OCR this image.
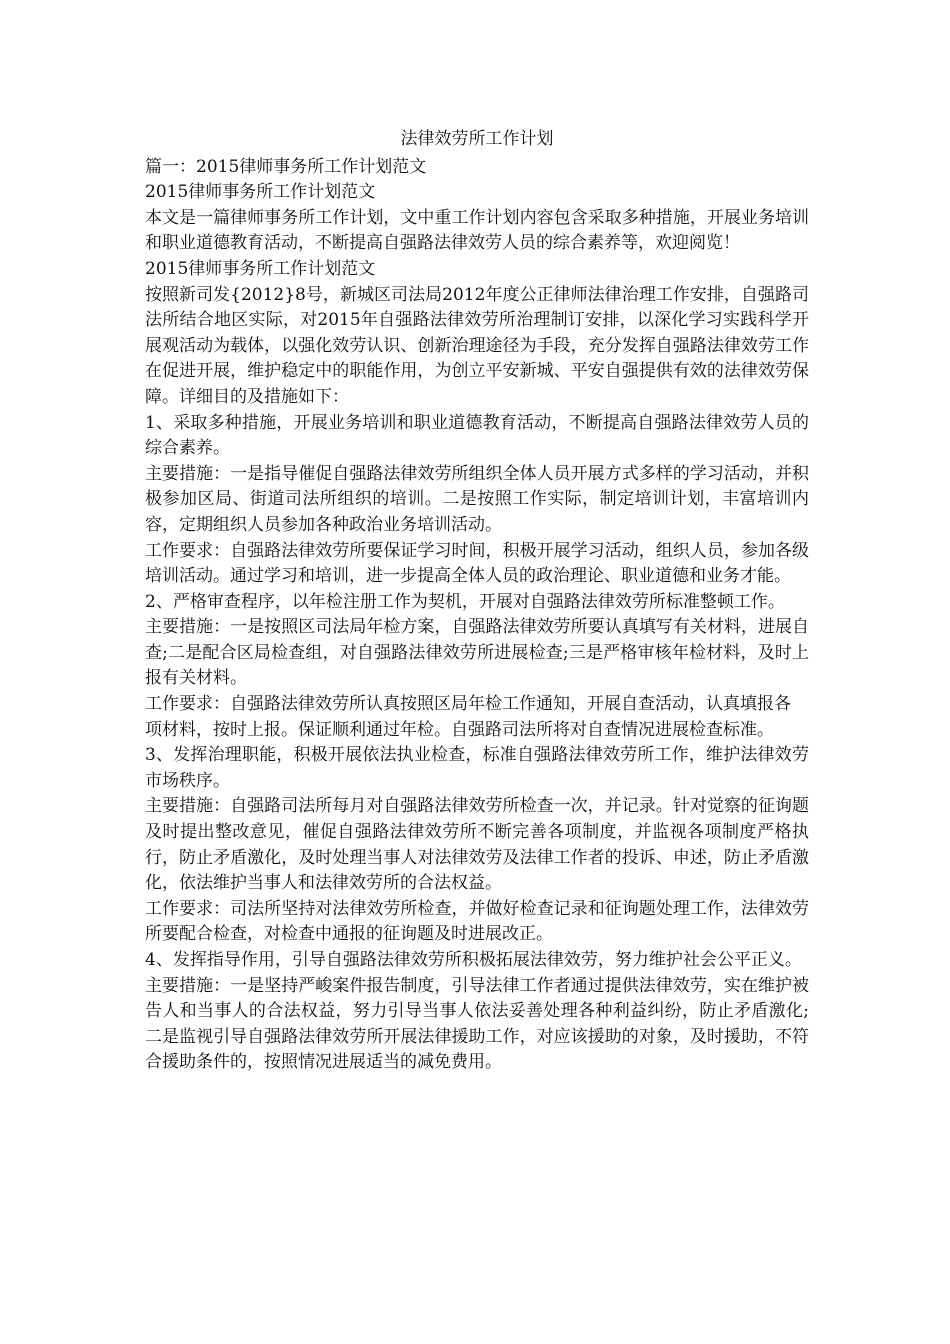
法律效劳所工作计划

篇一：2015律师事务所工作计划范文

2015律师事务所工作计划范文

本文是一篇律师事务所工作计划，文中重工作计划内容包含采取多种措施，开展业务培训和职业道德教育活动，不断提高自强路法律效劳人员的综合素养等，欢迎阅览！

2015律师事务所工作计划范文

按照新司发{2012}8号，新城区司法局2012年度公正律师法律治理工作安排，自强路司法所结合地区实际，对2015年自强路法律效劳所治理制订安排，以深化学习实践科学开展观活动为载体，以强化效劳认识、创新治理途径为手段，充分发挥自强路法律效劳工作在促进开展，维护稳定中的职能作用，为创立平安新城、平安自强提供有效的法律效劳保障。详细目的及措施如下：

1、采取多种措施，开展业务培训和职业道德教育活动，不断提高自强路法律效劳人员的综合素养。

主要措施：一是指导催促自强路法律效劳所组织全体人员开展方式多样的学习活动，并积极参加区局、街道司法所组织的培训。二是按照工作实际，制定培训计划，丰富培训内容，定期组织人员参加各种政治业务培训活动。

工作要求：自强路法律效劳所要保证学习时间，积极开展学习活动，组织人员，参加各级培训活动。通过学习和培训，进一步提高全体人员的政治理论、职业道德和业务才能。

2、严格审查程序，以年检注册工作为契机，开展对自强路法律效劳所标准整顿工作。

主要措施：一是按照区司法局年检方案，自强路法律效劳所要认真填写有关材料，进展自查;二是配合区局检查组，对自强路法律效劳所进展检查;三是严格审核年检材料，及时上报有关材料。

工作要求：自强路法律效劳所认真按照区局年检工作通知，开展自查活动，认真填报各

项材料，按时上报。保证顺利通过年检。自强路司法所将对自查情况进展检查标准。

3、发挥治理职能，积极开展依法执业检查，标准自强路法律效劳所工作，维护法律效劳市场秩序。

主要措施：自强路司法所每月对自强路法律效劳所检查一次，并记录。针对觉察的征询题及时提出整改意见，催促自强路法律效劳所不断完善各项制度，并监视各项制度严格执行，防止矛盾激化，及时处理当事人对法律效劳及法律工作者的投诉、申述，防止矛盾激化，依法维护当事人和法律效劳所的合法权益。

工作要求：司法所坚持对法律效劳所检查，并做好检查记录和征询题处理工作，法律效劳所要配合检查，对检查中通报的征询题及时进展改正。

4、发挥指导作用，引导自强路法律效劳所积极拓展法律效劳，努力维护社会公平正义。

主要措施：一是坚持严峻案件报告制度，引导法律工作者通过提供法律效劳，实在维护被告人和当事人的合法权益，努力引导当事人依法妥善处理各种利益纠纷，防止矛盾激化;二是监视引导自强路法律效劳所开展法律援助工作，对应该援助的对象，及时援助，不符合援助条件的，按照情况进展适当的减免费用。
